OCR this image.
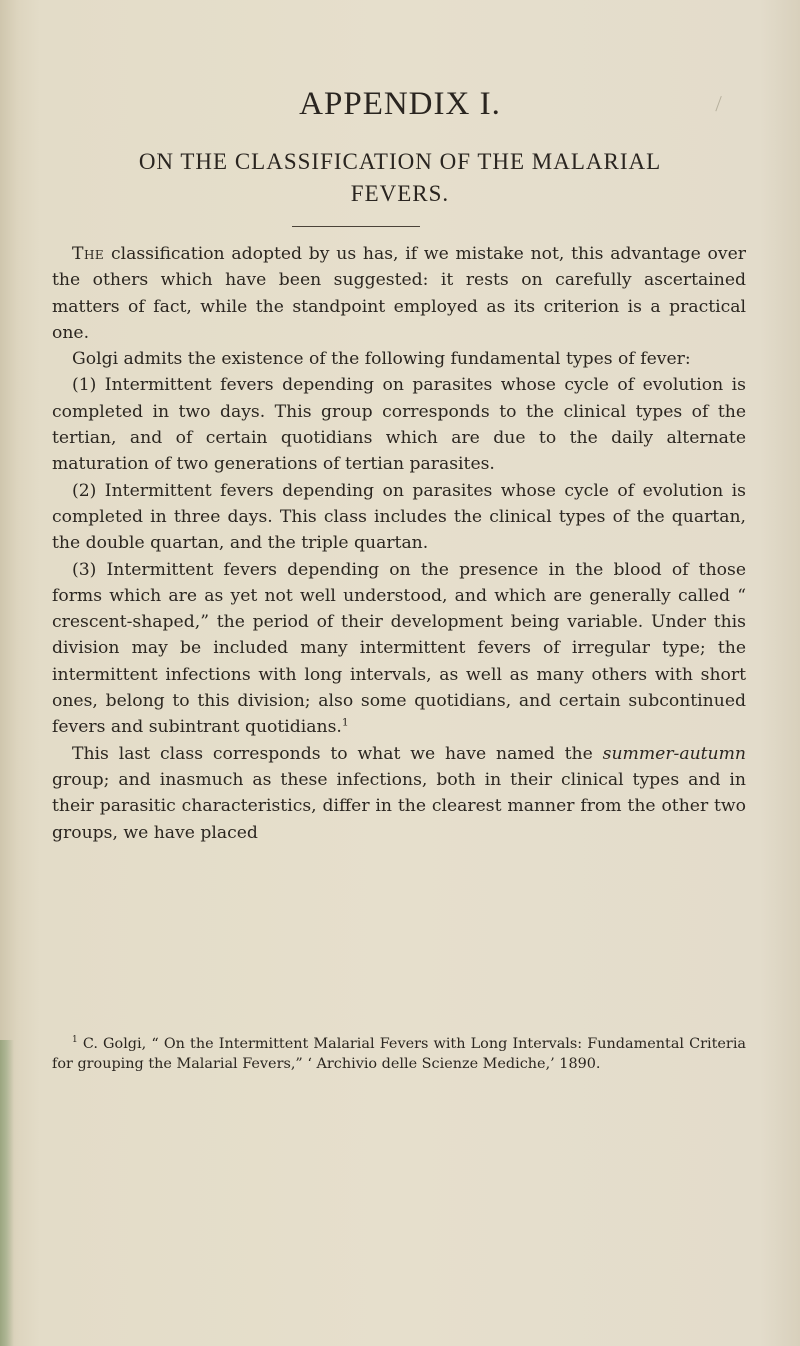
APPENDIX I.
ON THE CLASSIFICATION OF THE MALARIAL FEVERS.

The classification adopted by us has, if we mistake not, this advantage over the others which have been suggested: it rests on carefully ascertained matters of fact, while the standpoint employed as its criterion is a practical one.

Golgi admits the existence of the following fundamental types of fever:

(1) Intermittent fevers depending on parasites whose cycle of evolution is completed in two days. This group corresponds to the clinical types of the tertian, and of certain quotidians which are due to the daily alternate maturation of two generations of tertian parasites.

(2) Intermittent fevers depending on parasites whose cycle of evolution is completed in three days. This class includes the clinical types of the quartan, the double quartan, and the triple quartan.

(3) Intermittent fevers depending on the presence in the blood of those forms which are as yet not well understood, and which are generally called “ crescent-shaped,” the period of their development being variable. Under this division may be included many intermittent fevers of irregular type; the intermittent infections with long intervals, as well as many others with short ones, belong to this division; also some quotidians, and certain subcontinued fevers and subintrant quotidians.$^1$

This last class corresponds to what we have named the summer-autumn group; and inasmuch as these infections, both in their clinical types and in their parasitic characteristics, differ in the clearest manner from the other two groups, we have placed

$^1$ C. Golgi, “ On the Intermittent Malarial Fevers with Long Intervals: Fundamental Criteria for grouping the Malarial Fevers,” ‘ Archivio delle Scienze Mediche,’ 1890.
